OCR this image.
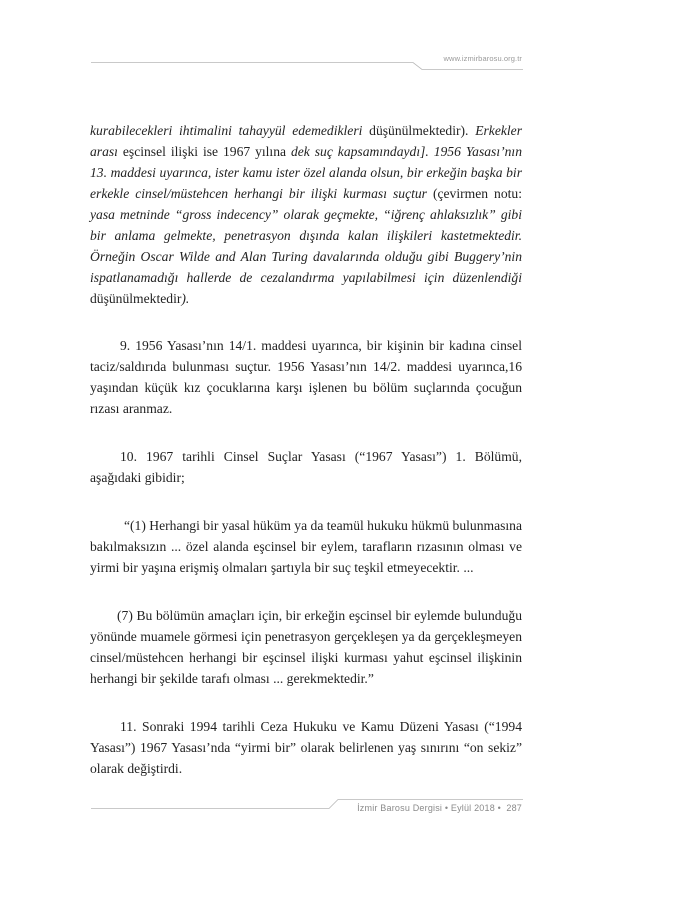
www.izmirbarosu.org.tr

kurabilecekleri ihtimalini tahayyül edemedikleri düşünülmektedir). Erkekler arası eşcinsel ilişki ise 1967 yılına dek suç kapsamındaydı]. 1956 Yasası’nın 13. maddesi uyarınca, ister kamu ister özel alanda olsun, bir erkeğin başka bir erkekle cinsel/müstehcen herhangi bir ilişki kurması suçtur (çevirmen notu: yasa metninde “gross indecency” olarak geçmekte, “iğrenç ahlaksızlık” gibi bir anlama gelmekte, penetrasyon dışında kalan ilişkileri kastetmektedir. Örneğin Oscar Wilde and Alan Turing davalarında olduğu gibi Buggery’nin ispatlanamadığı hallerde de cezalandırma yapılabilmesi için düzenlendiği düşünülmektedir).

9. 1956 Yasası’nın 14/1. maddesi uyarınca, bir kişinin bir kadına cinsel taciz/saldırıda bulunması suçtur. 1956 Yasası’nın 14/2. maddesi uyarınca,16 yaşından küçük kız çocuklarına karşı işlenen bu bölüm suçlarında çocuğun rızası aranmaz.

10. 1967 tarihli Cinsel Suçlar Yasası (“1967 Yasası”) 1. Bölümü, aşağıdaki gibidir;

“(1) Herhangi bir yasal hüküm ya da teamül hukuku hükmü bulunmasına bakılmaksızın ... özel alanda eşcinsel bir eylem, tarafların rızasının olması ve yirmi bir yaşına erişmiş olmaları şartıyla bir suç teşkil etmeyecektir. ...

(7) Bu bölümün amaçları için, bir erkeğin eşcinsel bir eylemde bulunduğu yönünde muamele görmesi için penetrasyon gerçekleşen ya da gerçekleşmeyen cinsel/müstehcen herhangi bir eşcinsel ilişki kurması yahut eşcinsel ilişkinin herhangi bir şekilde tarafı olması ... gerekmektedir.”

11. Sonraki 1994 tarihli Ceza Hukuku ve Kamu Düzeni Yasası (“1994 Yasası”) 1967 Yasası’nda “yirmi bir” olarak belirlenen yaş sınırını “on sekiz” olarak değiştirdi.

İzmir Barosu Dergisi • Eylül 2018 • 287
